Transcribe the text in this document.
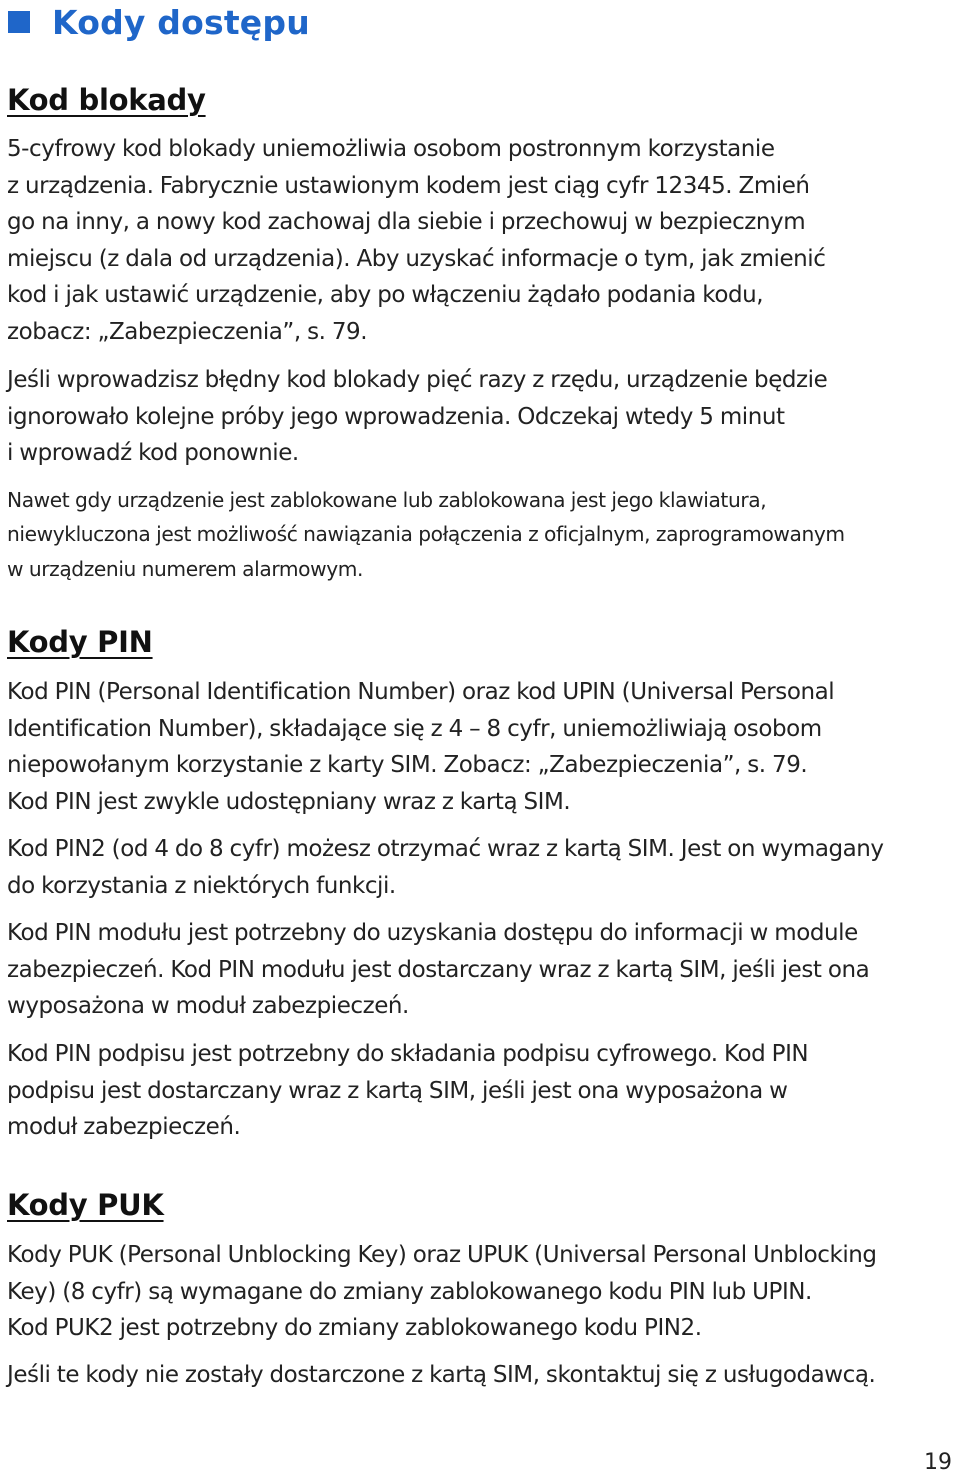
Kody dostępu
Kod blokady

5-cyfrowy kod blokady uniemożliwia osobom postronnym korzystanie
z urządzenia. Fabrycznie ustawionym kodem jest ciąg cyfr 12345. Zmień
go na inny, a nowy kod zachowaj dla siebie i przechowuj w bezpiecznym
miejscu (z dala od urządzenia). Aby uzyskać informacje o tym, jak zmienić
kod i jak ustawić urządzenie, aby po włączeniu żądało podania kodu,
zobacz: „Zabezpieczenia”, s. 79.

Jeśli wprowadzisz błędny kod blokady pięć razy z rzędu, urządzenie będzie
ignorowało kolejne próby jego wprowadzenia. Odczekaj wtedy 5 minut
i wprowadź kod ponownie.

Nawet gdy urządzenie jest zablokowane lub zablokowana jest jego klawiatura,
niewykluczona jest możliwość nawiązania połączenia z oficjalnym, zaprogramowanym
w urządzeniu numerem alarmowym.

Kody PIN

Kod PIN (Personal Identification Number) oraz kod UPIN (Universal Personal
Identification Number), składające się z 4 – 8 cyfr, uniemożliwiają osobom
niepowołanym korzystanie z karty SIM. Zobacz: „Zabezpieczenia”, s. 79.
Kod PIN jest zwykle udostępniany wraz z kartą SIM.

Kod PIN2 (od 4 do 8 cyfr) możesz otrzymać wraz z kartą SIM. Jest on wymagany
do korzystania z niektórych funkcji.

Kod PIN modułu jest potrzebny do uzyskania dostępu do informacji w module
zabezpieczeń. Kod PIN modułu jest dostarczany wraz z kartą SIM, jeśli jest ona
wyposażona w moduł zabezpieczeń.

Kod PIN podpisu jest potrzebny do składania podpisu cyfrowego. Kod PIN
podpisu jest dostarczany wraz z kartą SIM, jeśli jest ona wyposażona w
moduł zabezpieczeń.

Kody PUK

Kody PUK (Personal Unblocking Key) oraz UPUK (Universal Personal Unblocking
Key) (8 cyfr) są wymagane do zmiany zablokowanego kodu PIN lub UPIN.
Kod PUK2 jest potrzebny do zmiany zablokowanego kodu PIN2.

Jeśli te kody nie zostały dostarczone z kartą SIM, skontaktuj się z usługodawcą.

19
